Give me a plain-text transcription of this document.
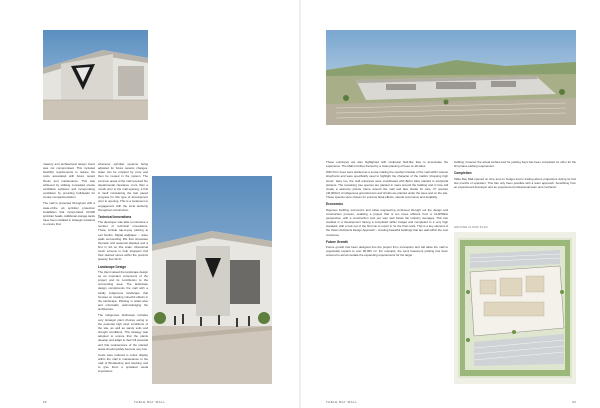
mastery and architectural design intent was not compromised. This included flexibility requirements to reduce the costs associated with future tenant fitouts and maintenance. This was achieved by utilising concealed smoke ventilation solutions and incorporating ventilation by providing bulkheads for smoke compartmentation.

The mall is protected throughout with a state-of-the art sprinkler protection installation that incorporated 20,000 sprinkler heads. Additional storage tanks have been installed in strategic locations to ensure that

62

These entrances are also highlighted with sculptural fluid-like tiles to accentuate the experience. The Mall is further framed by a mass planting of trees on all sides.

With Porn trees were planted as a sense making the southern facade of the mall within various shopfronts and were specifically used to highlight the character of the malls's 'shopping high street'. Here too, the mall entrances were coordinated with Bob's Alive planted in sculptural planters. The remaining tree species are planted in mass around the building and in time will create a welcome picture frame around the mall and also shade for cars. 27 species (40,000m²) of indigenous groundcovers and shrubs are planted under the trees and on the site. These species were chosen for extreme floral effects, natural occurrence and durability.

Economics

Rigorous building economics and value engineering continued through out the design and construction process, enabling a project that is ten times efficient from a VLAPSE/A perspective, with a construction cost per sqm well below the industry averages. This has resulted in a development having a completed within budget and completed to a very high standard, with a lock out of the first into to report in for the final costs. This is a key element of the Vision Architects Design Approach – creating beautiful buildings that are well within the cost conscious.

Future Growth

Future growth has been designed into the project from conception and will allow the mall to organically expand to over 90,000 m². For example, the semi basement parking has been ensured to accommodate the expanding requirements for the larger

building, however the actual surface bed for parking bays has been completed for other for the first phase parking requirement.

Completion

Table Bay Mall opened on time and on budget and is trading above projections during its first few months of operation. This has only been possible with a team approach, benefitting from an experienced developer and an experienced professional team and contractor.

GROUND FLOOR PLAN
63
TABLE BAY MALL
TABLE BAY MALL

whenever sprinkler systems being adjusted for future tenants changes, water can be emptied by zone and then be reused in the system. The common areas of the mall received fire departmental clearance more than a month prior to the mall opening, a first in itself considering the fast paced progress for this type of development prior to opening. This is a testament to engagement with the local authority throughout construction.

Technical Innovations

The developer was able to introduce a number of technical innovations. These include tap-to-pay parking at exit booths. Digital wallpaper – video walls surrounding lifts that showcase thematic and seasonal displays and a first in SA on this scale. Directional touch screens to help shoppers find their desired stores within the precinct speedy, free Wi-Fi.

Landscape Design

The client valued the landscape design as an important component of the project and its contribution to the surrounding area. The landscape design compliments the mall with a totally indigenous landscape that focuses on creating colourful effects in the landscape. Planting is water-wise and minimalist, acknowledging the architecture.

The indigenous landscape includes very strategic plant choices owing to the potential high wind conditions of the site, as well as sandy soils and drought conditions. This strategy was adopted to ensure that the plants develop and adapt to their full potential and that maintenance of the planted areas should quickly become very low.

Costs were reduced in colour display within the mall in maintenance to the mall of Bredasdorp and shelving and to give them a sprawled visual importance.
